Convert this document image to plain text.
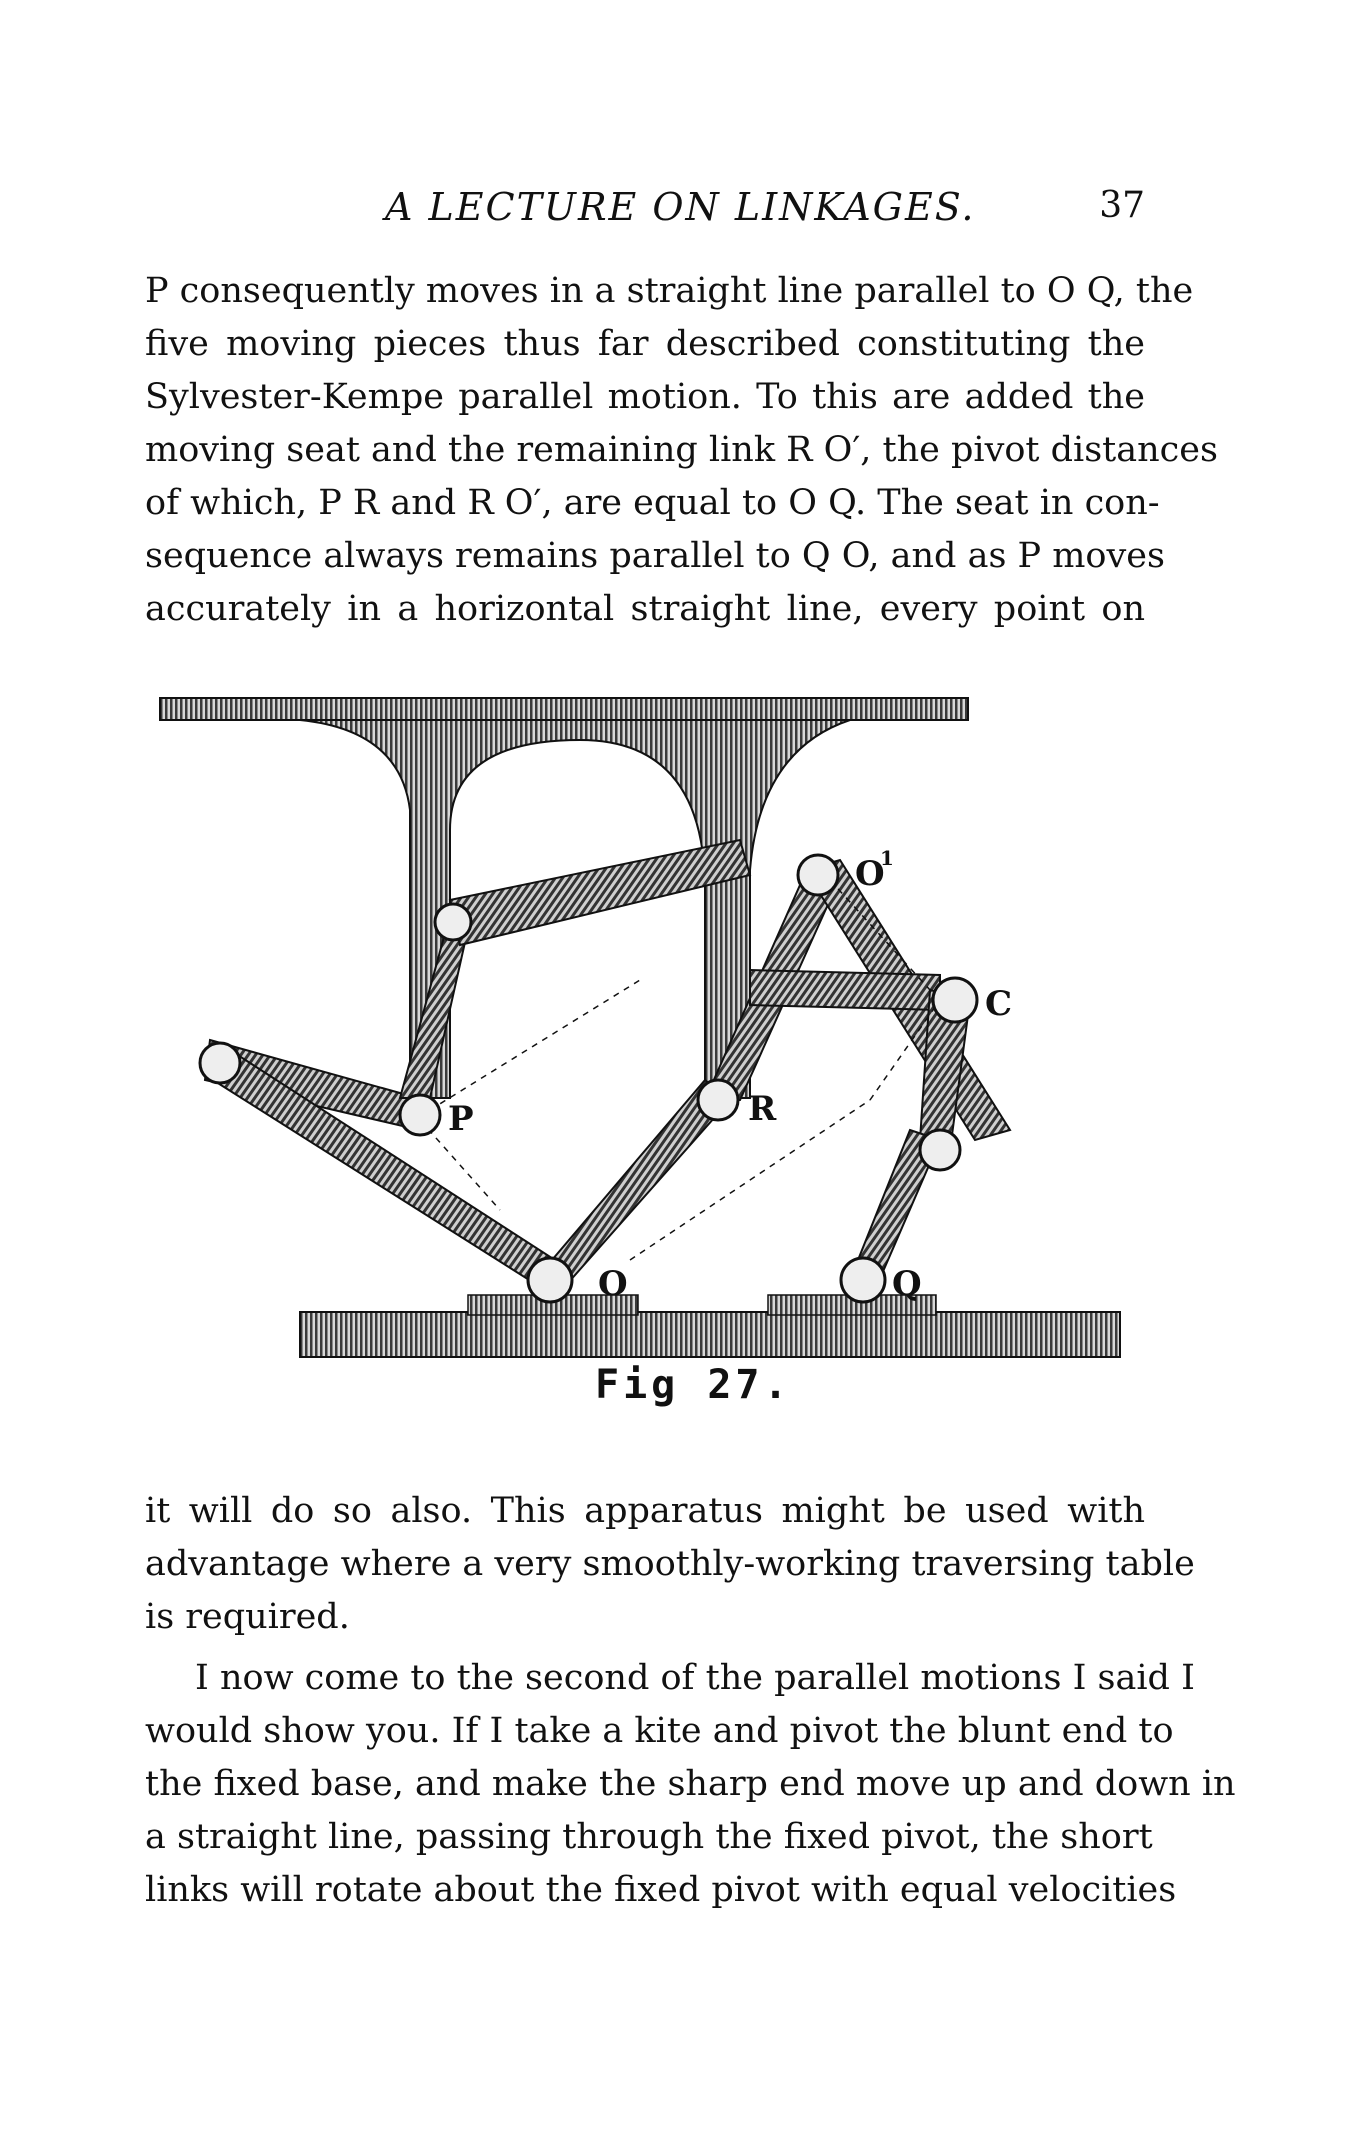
A LECTURE ON LINKAGES.	37
P consequently moves in a straight line parallel to O Q, the
five moving pieces thus far described constituting the
Sylvester-Kempe parallel motion. To this are added the
moving seat and the remaining link R O′, the pivot distances
of which, P R and R O′, are equal to O Q. The seat in con-
sequence always remains parallel to Q O, and as P moves
accurately in a horizontal straight line, every point on
O
1
C
P	R
O	Q
Fig 27.
it will do so also. This apparatus might be used with
advantage where a very smoothly-working traversing table
is required.
I now come to the second of the parallel motions I said I
would show you. If I take a kite and pivot the blunt end to
the fixed base, and make the sharp end move up and down in
a straight line, passing through the fixed pivot, the short
links will rotate about the fixed pivot with equal velocities
